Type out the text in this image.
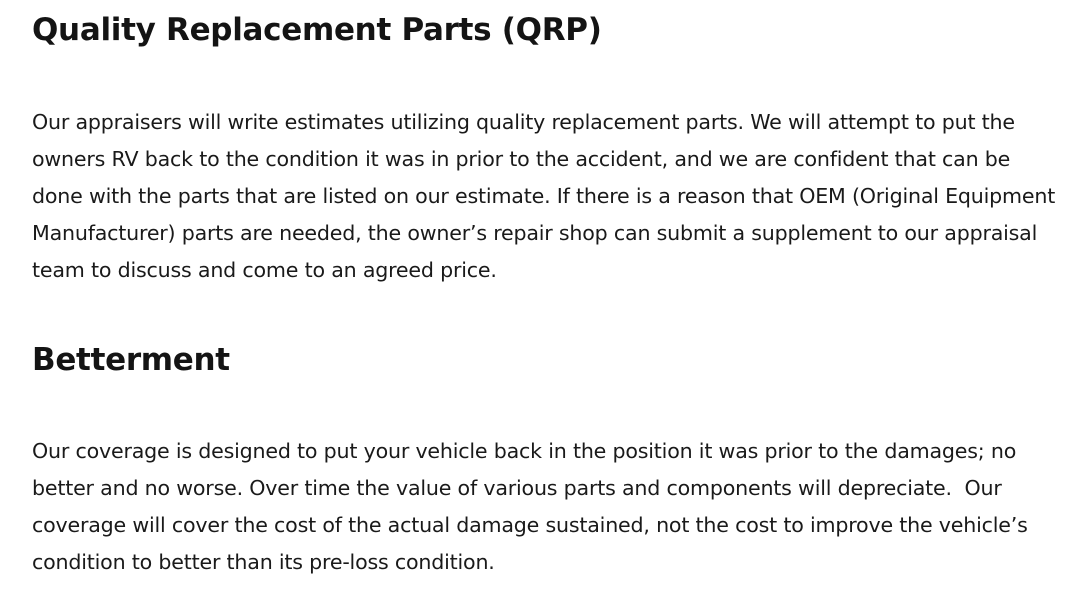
Quality Replacement Parts (QRP)

Our appraisers will write estimates utilizing quality replacement parts. We will attempt to put the owners RV back to the condition it was in prior to the accident, and we are confident that can be done with the parts that are listed on our estimate. If there is a reason that OEM (Original Equipment Manufacturer) parts are needed, the owner’s repair shop can submit a supplement to our appraisal team to discuss and come to an agreed price.

Betterment

Our coverage is designed to put your vehicle back in the position it was prior to the damages; no better and no worse. Over time the value of various parts and components will depreciate.  Our coverage will cover the cost of the actual damage sustained, not the cost to improve the vehicle’s condition to better than its pre-loss condition.
